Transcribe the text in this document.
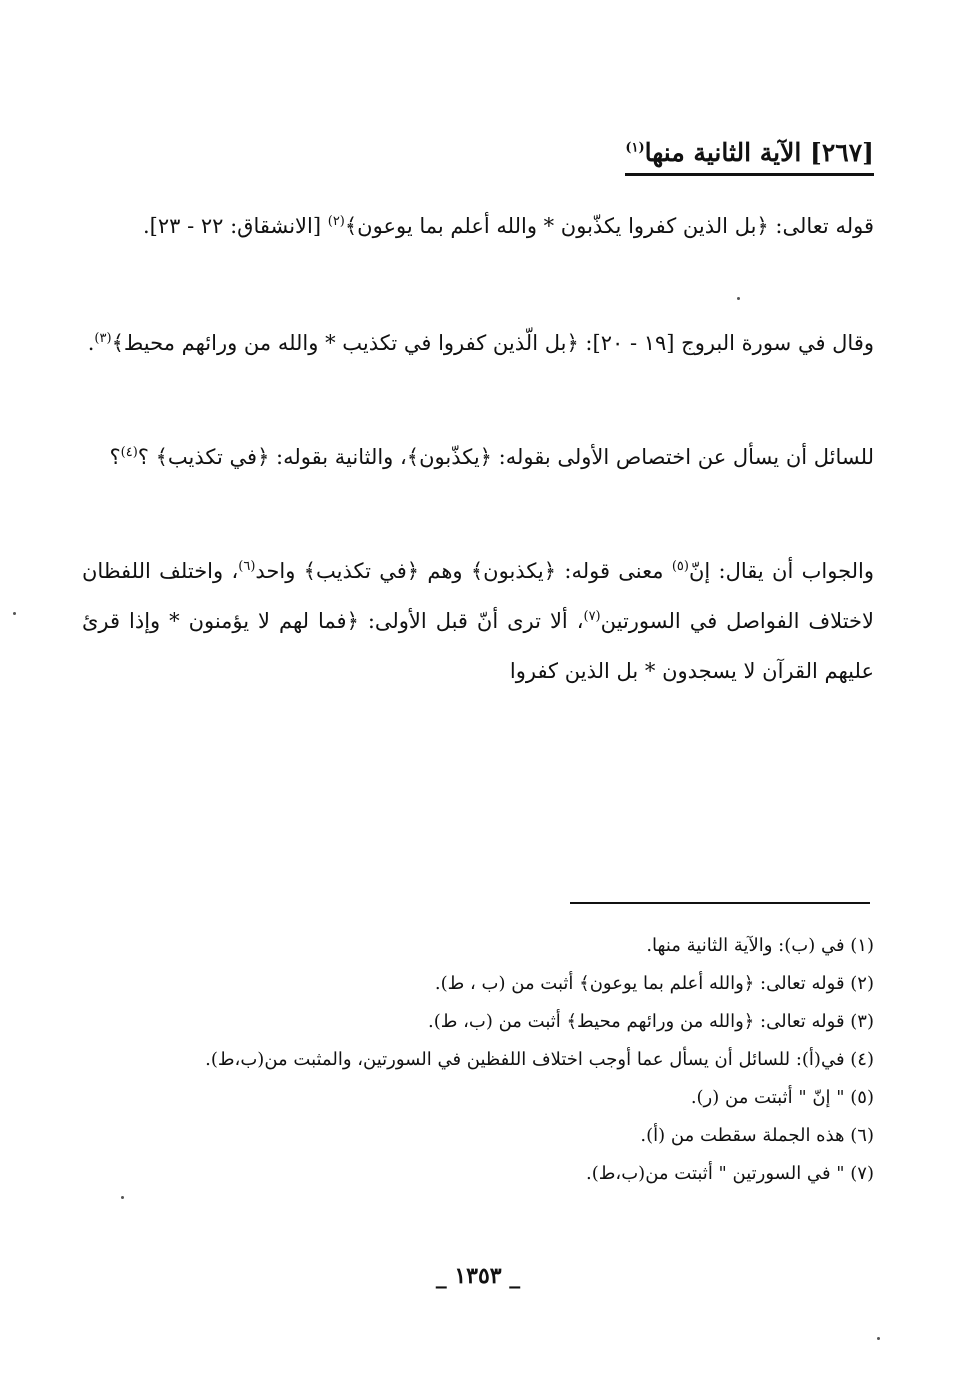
[٢٦٧] الآية الثانية منها$^{(١)}$
قوله تعالى: ﴿بل الذين كفروا يكذّبون * والله أعلم بما يوعون﴾$^{(٢)}$ [الانشقاق: ٢٢ - ٢٣].
وقال في سورة البروج [١٩ - ٢٠]: ﴿بل الّذين كفروا في تكذيب * والله من ورائهم محيط﴾$^{(٣)}$.
للسائل أن يسأل عن اختصاص الأولى بقوله: ﴿يكذّبون﴾، والثانية بقوله: ﴿في تكذيب﴾ ؟$^{(٤)}$؟
والجواب أن يقال: إنّ$^{(٥)}$ معنى قوله: ﴿يكذبون﴾ وهم ﴿في تكذيب﴾ واحد$^{(٦)}$، واختلف اللفظان لاختلاف الفواصل في السورتين$^{(٧)}$، ألا ترى أنّ قبل الأولى: ﴿فما لهم لا يؤمنون * وإذا قرئ عليهم القرآن لا يسجدون * بل الذين كفروا
(١) في (ب): والآية الثانية منها.
(٢) قوله تعالى: ﴿والله أعلم بما يوعون﴾ أثبت من (ب ، ط).
(٣) قوله تعالى: ﴿والله من ورائهم محيط﴾ أثبت من (ب، ط).
(٤) في(أ): للسائل أن يسأل عما أوجب اختلاف اللفظين في السورتين، والمثبت من(ب،ط).
(٥) " إنّ " أثبتت من (ر).
(٦) هذه الجملة سقطت من (أ).
(٧) " في السورتين " أثبتت من(ب،ط).
_ ١٣٥٣ _
